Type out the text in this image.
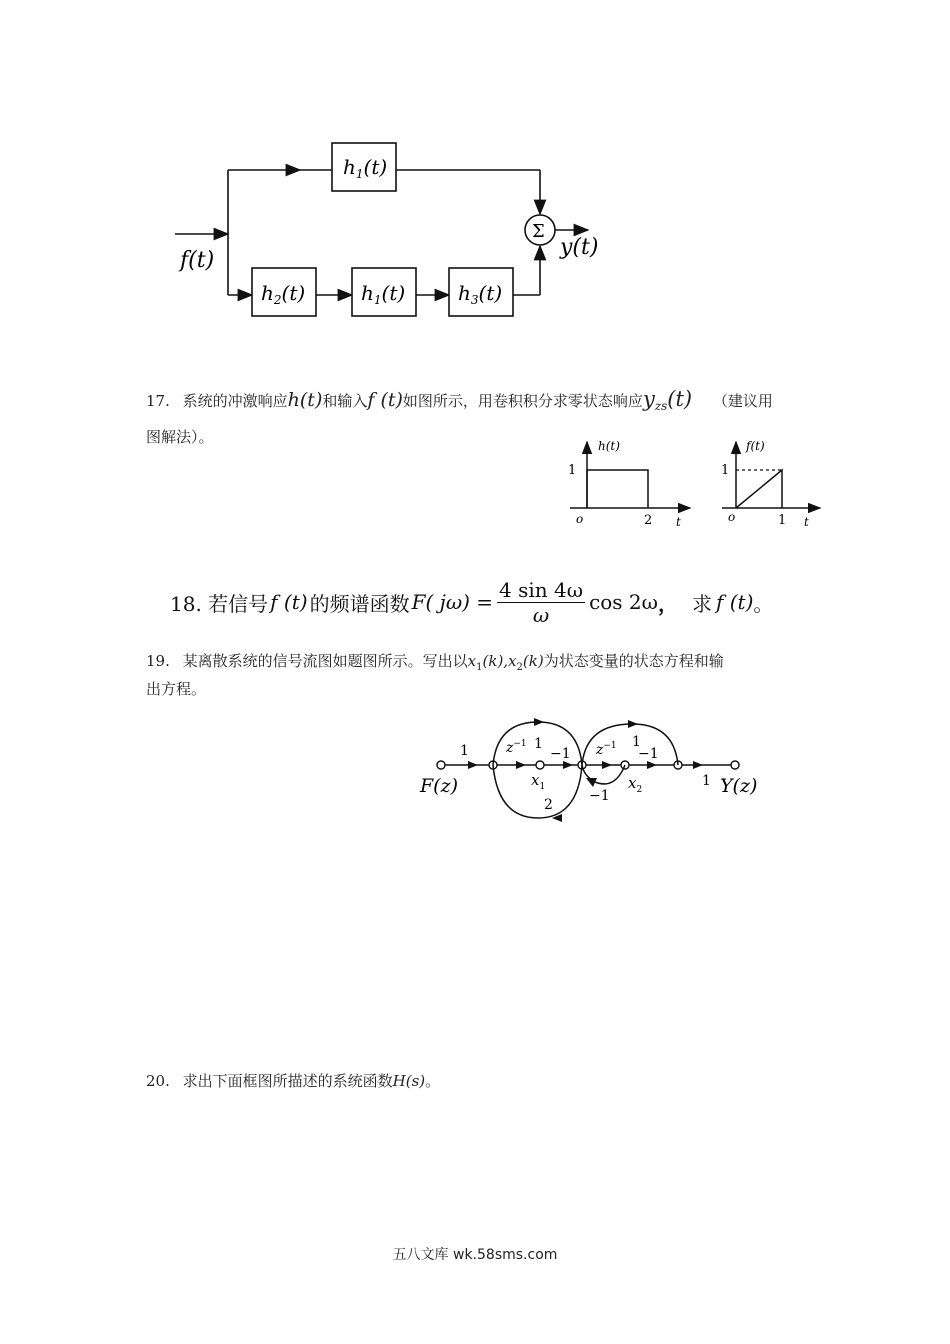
f(t)
$h_1(t)$
Σ
y(t)
$h_2(t)$	$h_1(t)$	$h_3(t)$
17. 系统的冲激响应h(t)和输入f (t)如图所示，用卷积积分求零状态响应$y_{zs}(t)$ （建议用
图解法）。	h(t)
1
o	2 t
f(t)
1
o	1 t
18. 若信号 f (t) 的频谱函数 F( $j\omega) = \frac{4 \sin 4\omega}{\omega}$ cos 2ω ， 求 f (t) 。
19. 某离散系统的信号流图如题图所示。写出以$x_1(k),x_2(k)$为状态变量的状态方程和输
出方程。
F(z)	Y(z)
1
1
$z^{-1}$	$z^{-1}$
1
−1
1
−1
−1
2
$x_1$	$x_2$
20. 求出下面框图所描述的系统函数H(s)。
五八文库 wk.58sms.com
